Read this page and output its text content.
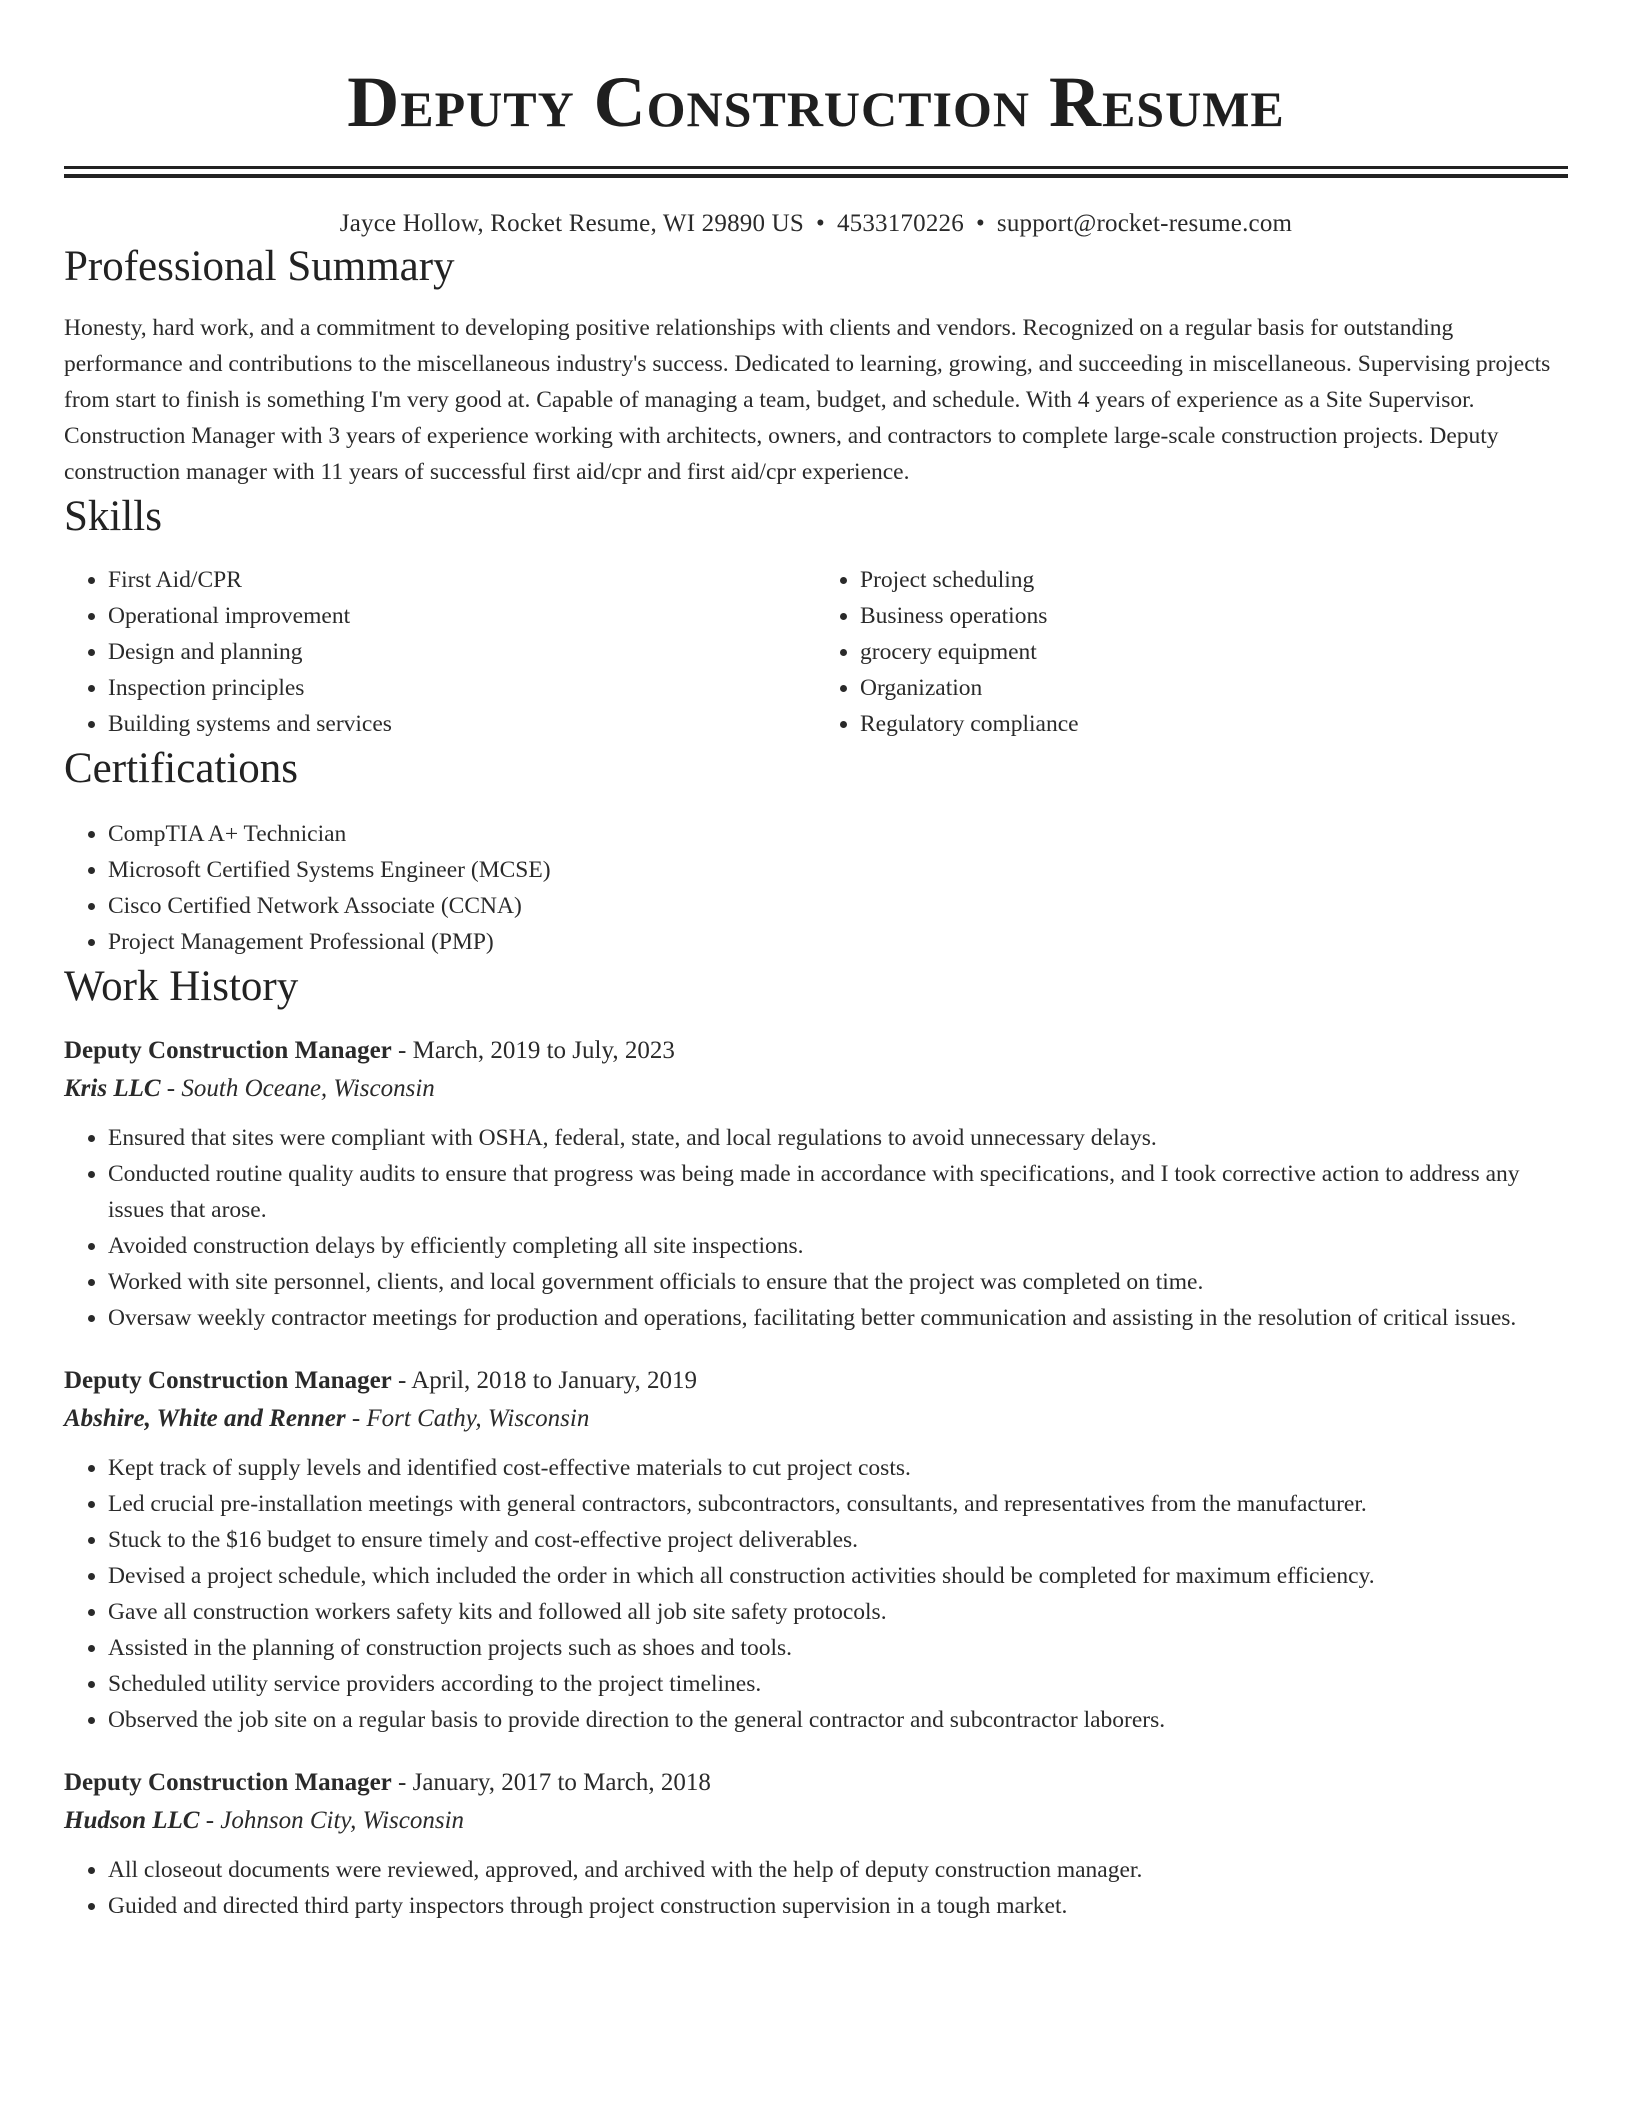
Deputy Construction Resume
Jayce Hollow, Rocket Resume, WI 29890 US • 4533170226 • support@rocket-resume.com
Professional Summary

Honesty, hard work, and a commitment to developing positive relationships with clients and vendors. Recognized on a regular basis for outstanding performance and contributions to the miscellaneous industry's success. Dedicated to learning, growing, and succeeding in miscellaneous. Supervising projects from start to finish is something I'm very good at. Capable of managing a team, budget, and schedule. With 4 years of experience as a Site Supervisor. Construction Manager with 3 years of experience working with architects, owners, and contractors to complete large-scale construction projects. Deputy construction manager with 11 years of successful first aid/cpr and first aid/cpr experience.

Skills
• First Aid/CPR
• Operational improvement
• Design and planning
• Inspection principles
• Building systems and services
• Project scheduling
• Business operations
• grocery equipment
• Organization
• Regulatory compliance
Certifications
• CompTIA A+ Technician
• Microsoft Certified Systems Engineer (MCSE)
• Cisco Certified Network Associate (CCNA)
• Project Management Professional (PMP)
Work History
Deputy Construction Manager - March, 2019 to July, 2023
Kris LLC - South Oceane, Wisconsin
• Ensured that sites were compliant with OSHA, federal, state, and local regulations to avoid unnecessary delays.
• Conducted routine quality audits to ensure that progress was being made in accordance with specifications, and I took corrective action to address any issues that arose.
• Avoided construction delays by efficiently completing all site inspections.
• Worked with site personnel, clients, and local government officials to ensure that the project was completed on time.
• Oversaw weekly contractor meetings for production and operations, facilitating better communication and assisting in the resolution of critical issues.
Deputy Construction Manager - April, 2018 to January, 2019
Abshire, White and Renner - Fort Cathy, Wisconsin
• Kept track of supply levels and identified cost-effective materials to cut project costs.
• Led crucial pre-installation meetings with general contractors, subcontractors, consultants, and representatives from the manufacturer.
• Stuck to the $16 budget to ensure timely and cost-effective project deliverables.
• Devised a project schedule, which included the order in which all construction activities should be completed for maximum efficiency.
• Gave all construction workers safety kits and followed all job site safety protocols.
• Assisted in the planning of construction projects such as shoes and tools.
• Scheduled utility service providers according to the project timelines.
• Observed the job site on a regular basis to provide direction to the general contractor and subcontractor laborers.
Deputy Construction Manager - January, 2017 to March, 2018
Hudson LLC - Johnson City, Wisconsin
• All closeout documents were reviewed, approved, and archived with the help of deputy construction manager.
• Guided and directed third party inspectors through project construction supervision in a tough market.
